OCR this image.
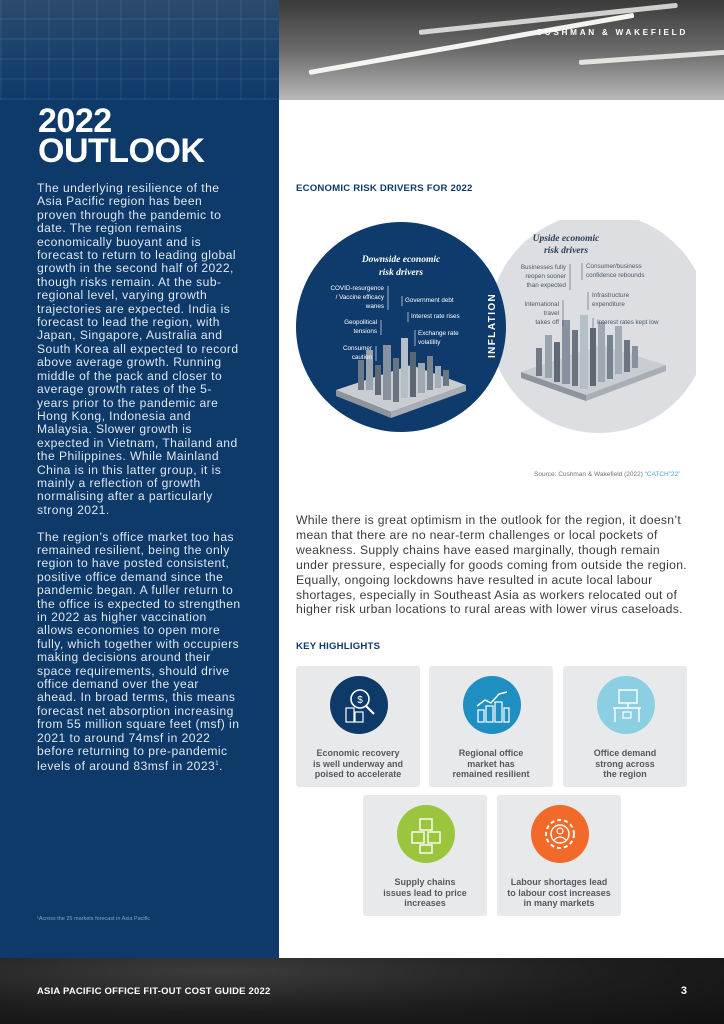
2022
OUTLOOK

The underlying resilience of the Asia Pacific region has been proven through the pandemic to date. The region remains economically buoyant and is forecast to return to leading global growth in the second half of 2022, though risks remain. At the sub-regional level, varying growth trajectories are expected. India is forecast to lead the region, with Japan, Singapore, Australia and South Korea all expected to record above average growth. Running middle of the pack and closer to average growth rates of the 5-years prior to the pandemic are Hong Kong, Indonesia and Malaysia. Slower growth is expected in Vietnam, Thailand and the Philippines. While Mainland China is in this latter group, it is mainly a reflection of growth normalising after a particularly strong 2021.

The region’s office market too has remained resilient, being the only region to have posted consistent, positive office demand since the pandemic began. A fuller return to the office is expected to strengthen in 2022 as higher vaccination allows economies to open more fully, which together with occupiers making decisions around their space requirements, should drive office demand over the year ahead. In broad terms, this means forecast net absorption increasing from 55 million square feet (msf) in 2021 to around 74msf in 2022 before returning to pre-pandemic levels of around 83msf in 2023$^1$.

¹Across the 25 markets forecast in Asia Pacific
CUSHMAN & WAKEFIELD
ECONOMIC RISK DRIVERS FOR 2022
Downside economic
risk drivers
COVID-resurgence
/ Vaccine efficacy
wanes
Geopolitical
tensions
Consumer
caution
Government debt
Interest rate rises
Exchange rate
volatility	INFLATION
Upside economic
risk drivers
Businesses fully
reopen sooner
than expected
International
travel
takes off
Consumer/business
confidence rebounds
Infrastructure
expenditure
Interest rates kept low
Source: Cushman & Wakefield (2022) “CATCH”22”

While there is great optimism in the outlook for the region, it doesn’t mean that there are no near-term challenges or local pockets of weakness. Supply chains have eased marginally, though remain under pressure, especially for goods coming from outside the region. Equally, ongoing lockdowns have resulted in acute local labour shortages, especially in Southeast Asia as workers relocated out of higher risk urban locations to rural areas with lower virus caseloads.

KEY HIGHLIGHTS
$
Economic recovery
is well underway and
poised to accelerate
Regional office
market has
remained resilient
Office demand
strong across
the region
Supply chains
issues lead to price
increases
Labour shortages lead
to labour cost increases
in many markets
ASIA PACIFIC OFFICE FIT-OUT COST GUIDE 2022	3
